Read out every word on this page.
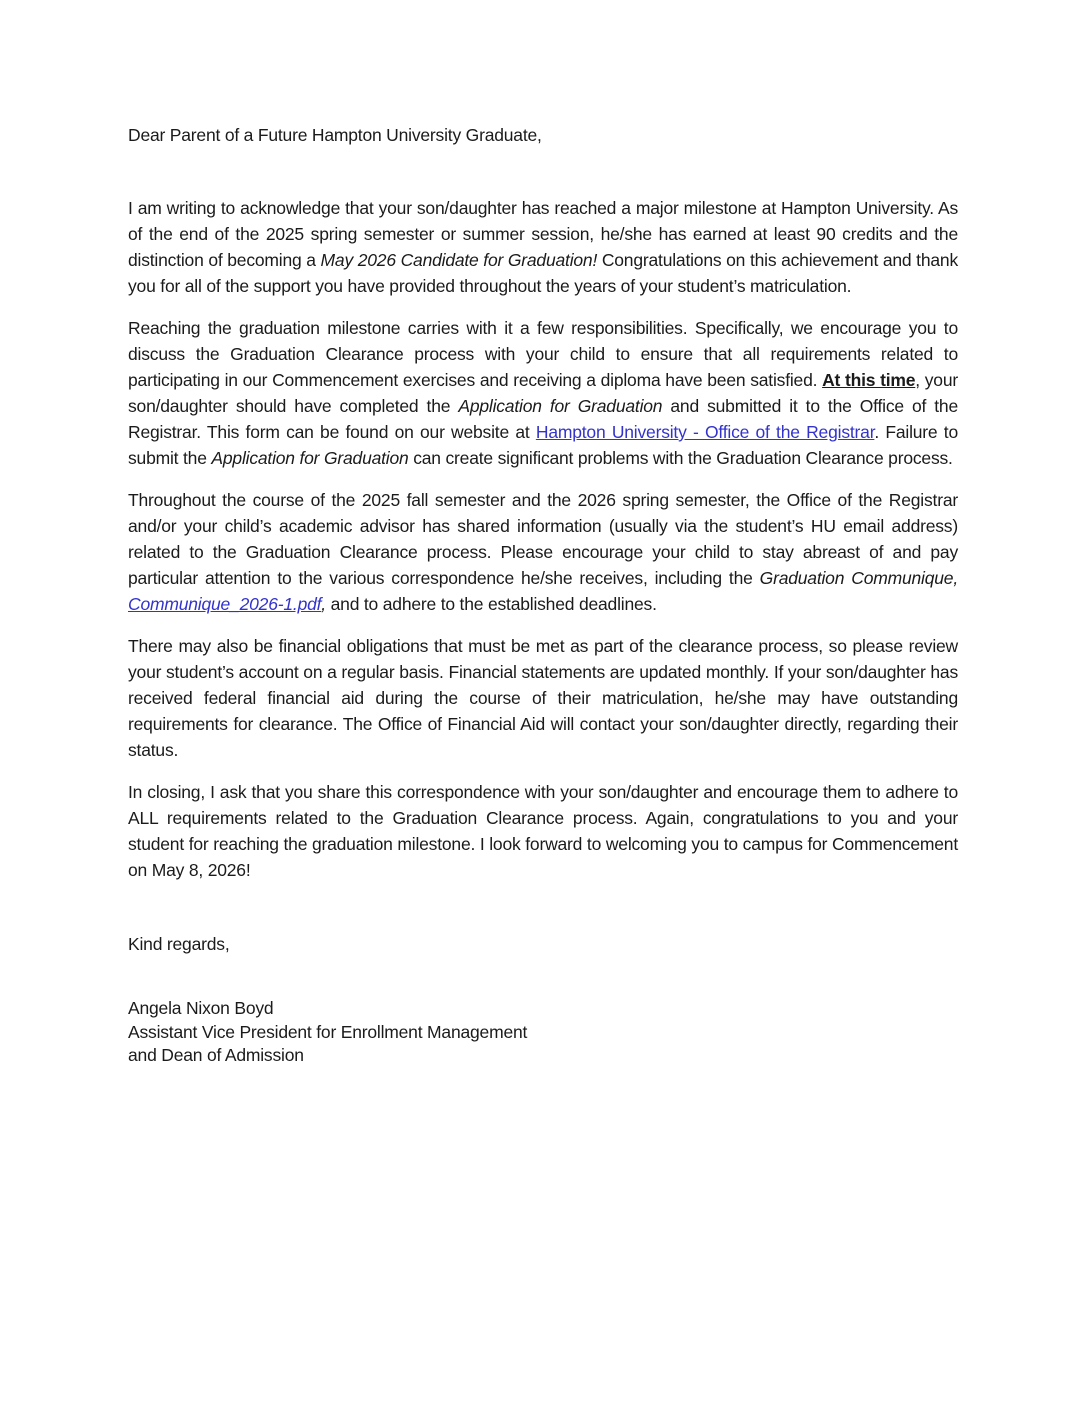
Dear Parent of a Future Hampton University Graduate,

I am writing to acknowledge that your son/daughter has reached a major milestone at Hampton University. As of the end of the 2025 spring semester or summer session, he/she has earned at least 90 credits and the distinction of becoming a May 2026 Candidate for Graduation! Congratulations on this achievement and thank you for all of the support you have provided throughout the years of your student’s matriculation.

Reaching the graduation milestone carries with it a few responsibilities. Specifically, we encourage you to discuss the Graduation Clearance process with your child to ensure that all requirements related to participating in our Commencement exercises and receiving a diploma have been satisfied. At this time, your son/daughter should have completed the Application for Graduation and submitted it to the Office of the Registrar. This form can be found on our website at Hampton University - Office of the Registrar. Failure to submit the Application for Graduation can create significant problems with the Graduation Clearance process.

Throughout the course of the 2025 fall semester and the 2026 spring semester, the Office of the Registrar and/or your child’s academic advisor has shared information (usually via the student’s HU email address) related to the Graduation Clearance process. Please encourage your child to stay abreast of and pay particular attention to the various correspondence he/she receives, including the Graduation Communique, Communique_2026-1.pdf, and to adhere to the established deadlines.

There may also be financial obligations that must be met as part of the clearance process, so please review your student’s account on a regular basis. Financial statements are updated monthly. If your son/daughter has received federal financial aid during the course of their matriculation, he/she may have outstanding requirements for clearance. The Office of Financial Aid will contact your son/daughter directly, regarding their status.

In closing, I ask that you share this correspondence with your son/daughter and encourage them to adhere to ALL requirements related to the Graduation Clearance process. Again, congratulations to you and your student for reaching the graduation milestone. I look forward to welcoming you to campus for Commencement on May 8, 2026!

Kind regards,

Angela Nixon Boyd
Assistant Vice President for Enrollment Management
and Dean of Admission
